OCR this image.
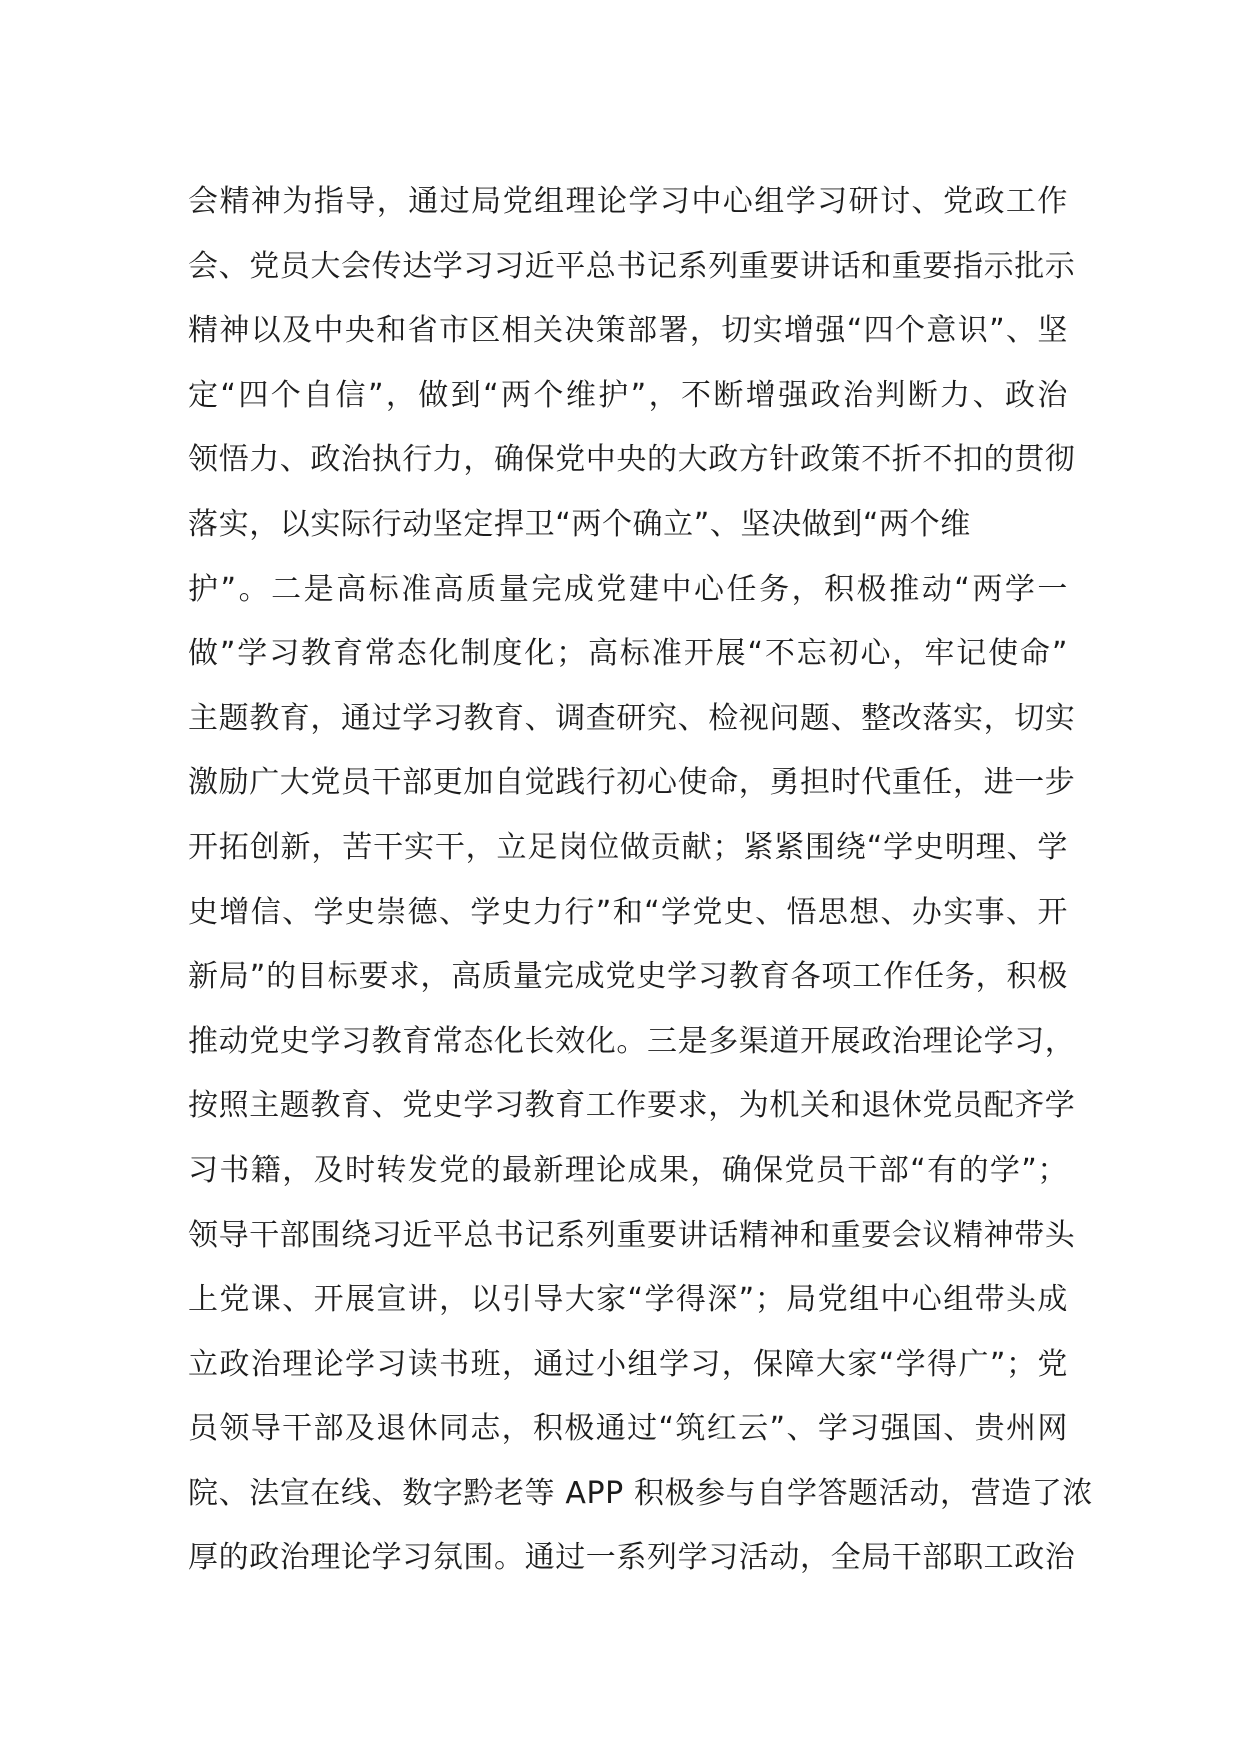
会精神为指导，通过局党组理论学习中心组学习研讨、党政工作
会、党员大会传达学习习近平总书记系列重要讲话和重要指示批示
精神以及中央和省市区相关决策部署，切实增强“四个意识”、坚
定“四个自信”，做到“两个维护”，不断增强政治判断力、政治
领悟力、政治执行力，确保党中央的大政方针政策不折不扣的贯彻
落实，以实际行动坚定捍卫“两个确立”、坚决做到“两个维
护”。二是高标准高质量完成党建中心任务，积极推动“两学一
做”学习教育常态化制度化；高标准开展“不忘初心，牢记使命”
主题教育，通过学习教育、调查研究、检视问题、整改落实，切实
激励广大党员干部更加自觉践行初心使命，勇担时代重任，进一步
开拓创新，苦干实干，立足岗位做贡献；紧紧围绕“学史明理、学
史增信、学史崇德、学史力行”和“学党史、悟思想、办实事、开
新局”的目标要求，高质量完成党史学习教育各项工作任务，积极
推动党史学习教育常态化长效化。三是多渠道开展政治理论学习，
按照主题教育、党史学习教育工作要求，为机关和退休党员配齐学
习书籍，及时转发党的最新理论成果，确保党员干部“有的学”；
领导干部围绕习近平总书记系列重要讲话精神和重要会议精神带头
上党课、开展宣讲，以引导大家“学得深”；局党组中心组带头成
立政治理论学习读书班，通过小组学习，保障大家“学得广”；党
员领导干部及退休同志，积极通过“筑红云”、学习强国、贵州网
院、法宣在线、数字黔老等 APP 积极参与自学答题活动，营造了浓
厚的政治理论学习氛围。通过一系列学习活动，全局干部职工政治
